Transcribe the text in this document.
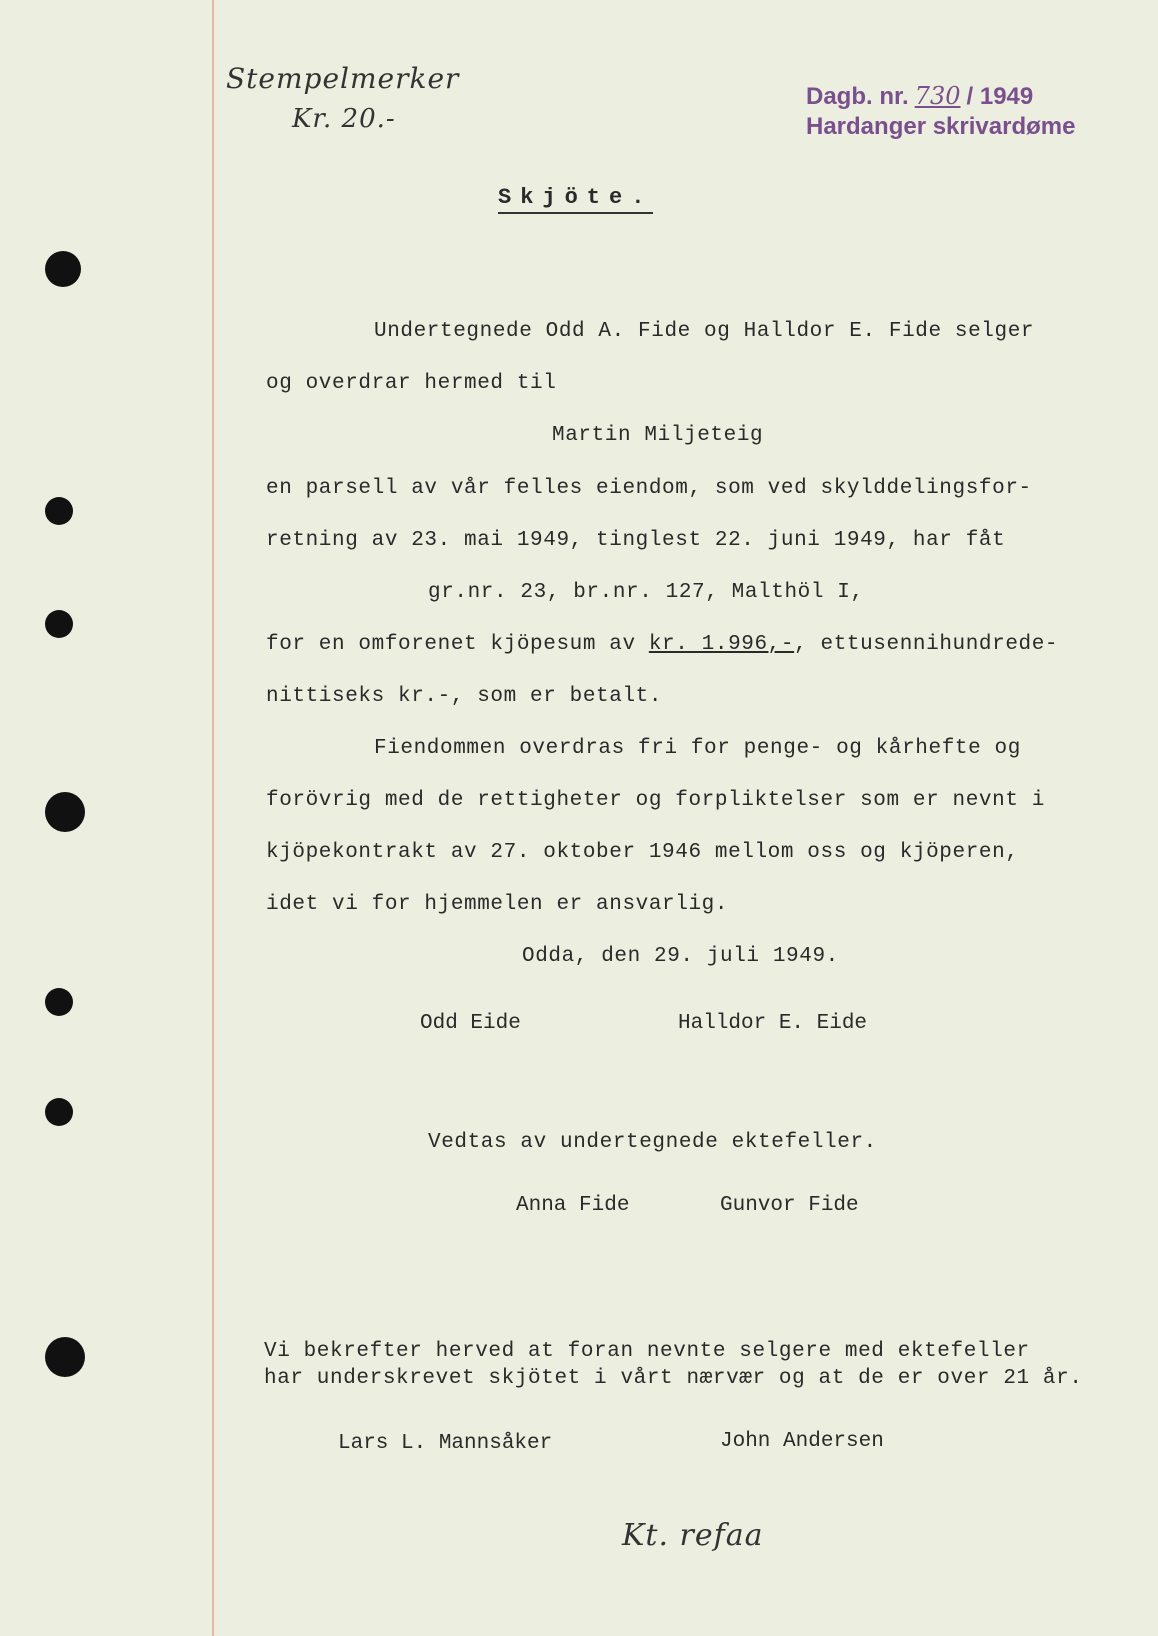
Stempelmerker
Kr. 20.-
Dagb. nr. 730 / 1949
Hardanger skrivardøme
Skjöte.
Undertegnede Odd A. Fide og Halldor E. Fide selger
og overdrar hermed til
Martin Miljeteig
en parsell av vår felles eiendom, som ved skylddelingsfor-
retning av 23. mai 1949, tinglest 22. juni 1949, har fåt
gr.nr. 23, br.nr. 127, Malthöl I,
for en omforenet kjöpesum av kr. 1.996,-, ettusennihundrede-
nittiseks kr.-, som er betalt.
Fiendommen overdras fri for penge- og kårhefte og
forövrig med de rettigheter og forpliktelser som er nevnt i
kjöpekontrakt av 27. oktober 1946 mellom oss og kjöperen,
idet vi for hjemmelen er ansvarlig.
Odda, den 29. juli 1949.
Odd Eide	Halldor E. Eide
Vedtas av undertegnede ektefeller.
Anna Fide	Gunvor Fide
Vi bekrefter herved at foran nevnte selgere med ektefeller
har underskrevet skjötet i vårt nærvær og at de er over 21 år.
Lars L. Mannsåker	John Andersen
Kt. refaa
